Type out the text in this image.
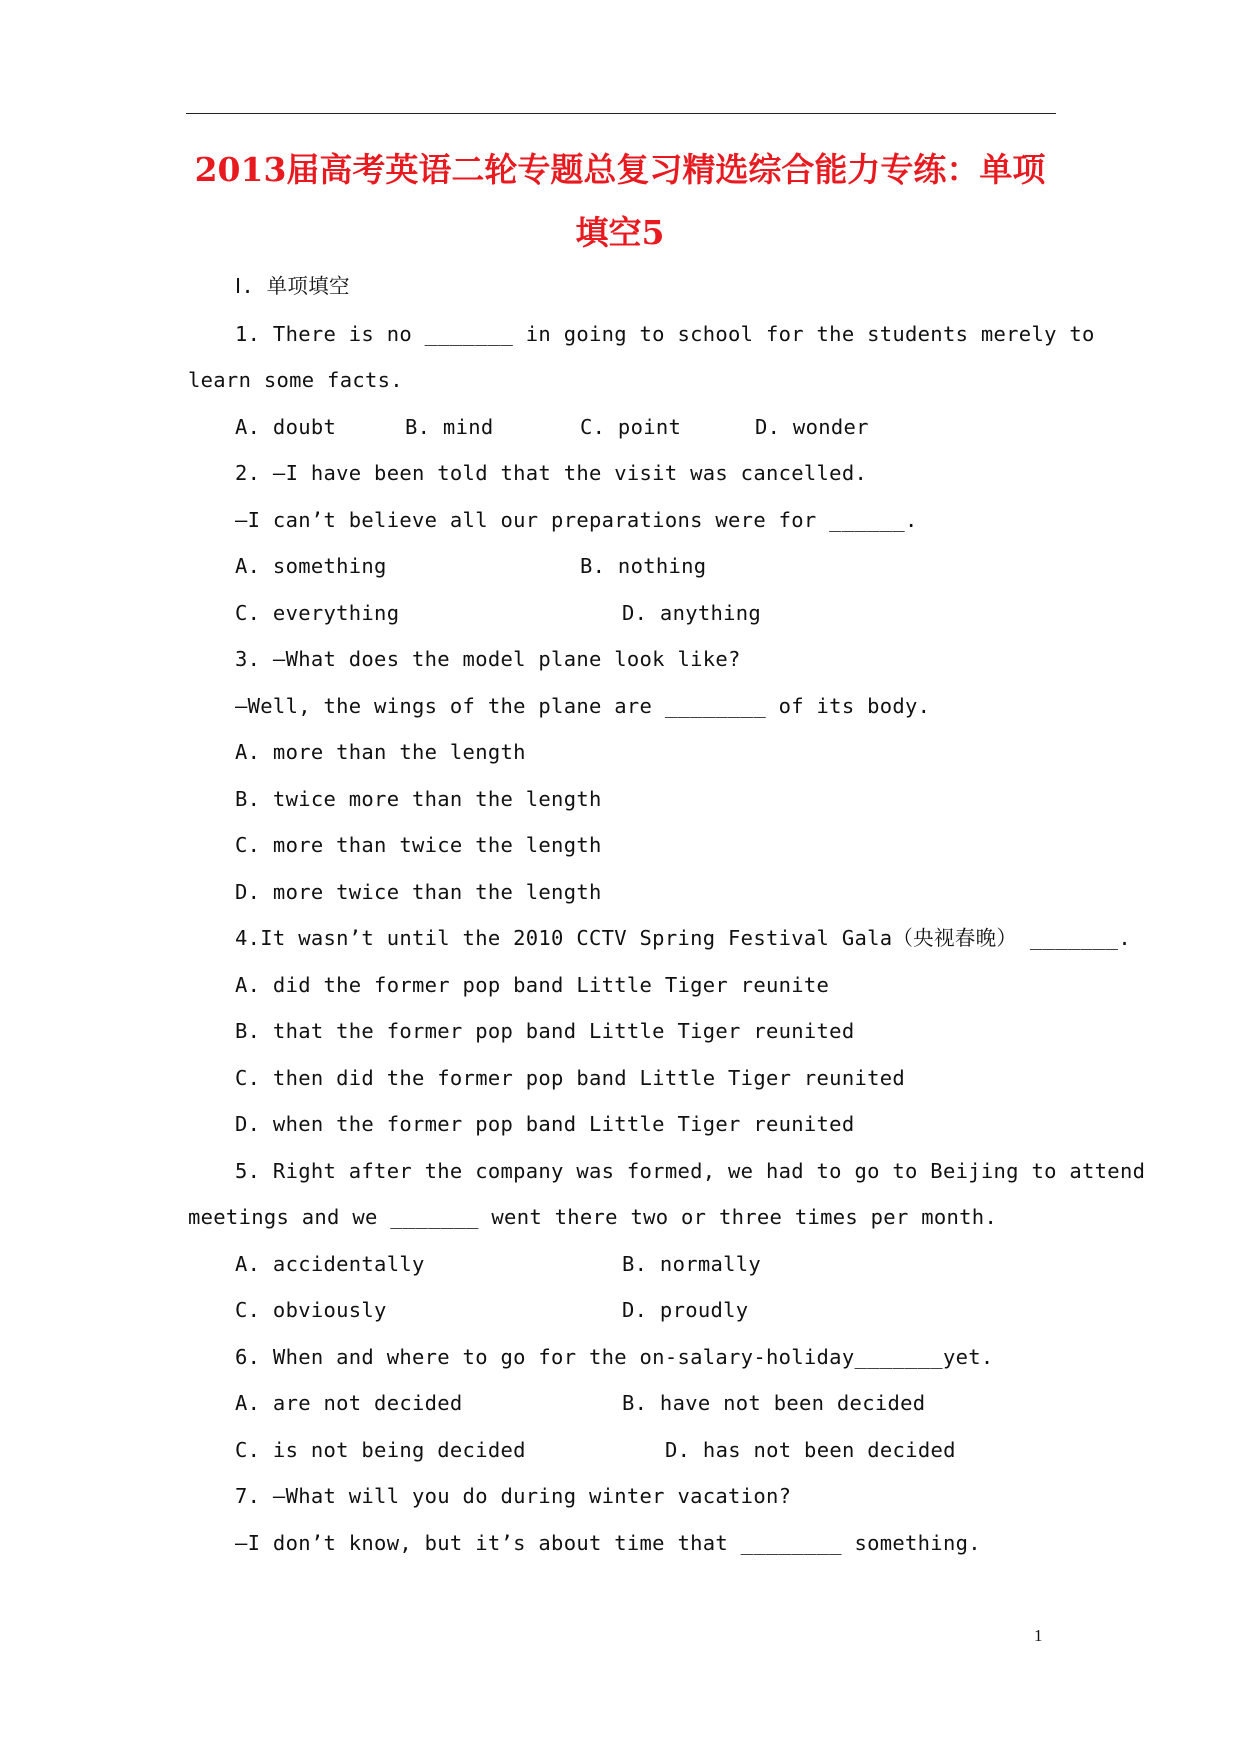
2013届高考英语二轮专题总复习精选综合能力专练：单项
填空5
Ⅰ. 单项填空
1. There is no _______ in going to school for the students merely to
learn some facts.
A. doubt	B. mind	C. point	D. wonder
2. —I have been told that the visit was cancelled.
—I can’t believe all our preparations were for ______.
A. something	B. nothing
C. everything	D. anything
3. —What does the model plane look like?
—Well, the wings of the plane are ________ of its body.
A. more than the length
B. twice more than the length
C. more than twice the length
D. more twice than the length
4.It wasn’t until the 2010 CCTV Spring Festival Gala（央视春晚） _______.
A. did the former pop band Little Tiger reunite
B. that the former pop band Little Tiger reunited
C. then did the former pop band Little Tiger reunited
D. when the former pop band Little Tiger reunited
5. Right after the company was formed, we had to go to Beijing to attend
meetings and we _______ went there two or three times per month.
A. accidentally	B. normally
C. obviously	D. proudly
6. When and where to go for the on-salary-holiday_______yet.
A. are not decided	B. have not been decided
C. is not being decided	D. has not been decided
7. —What will you do during winter vacation?
—I don’t know, but it’s about time that ________ something.
1
